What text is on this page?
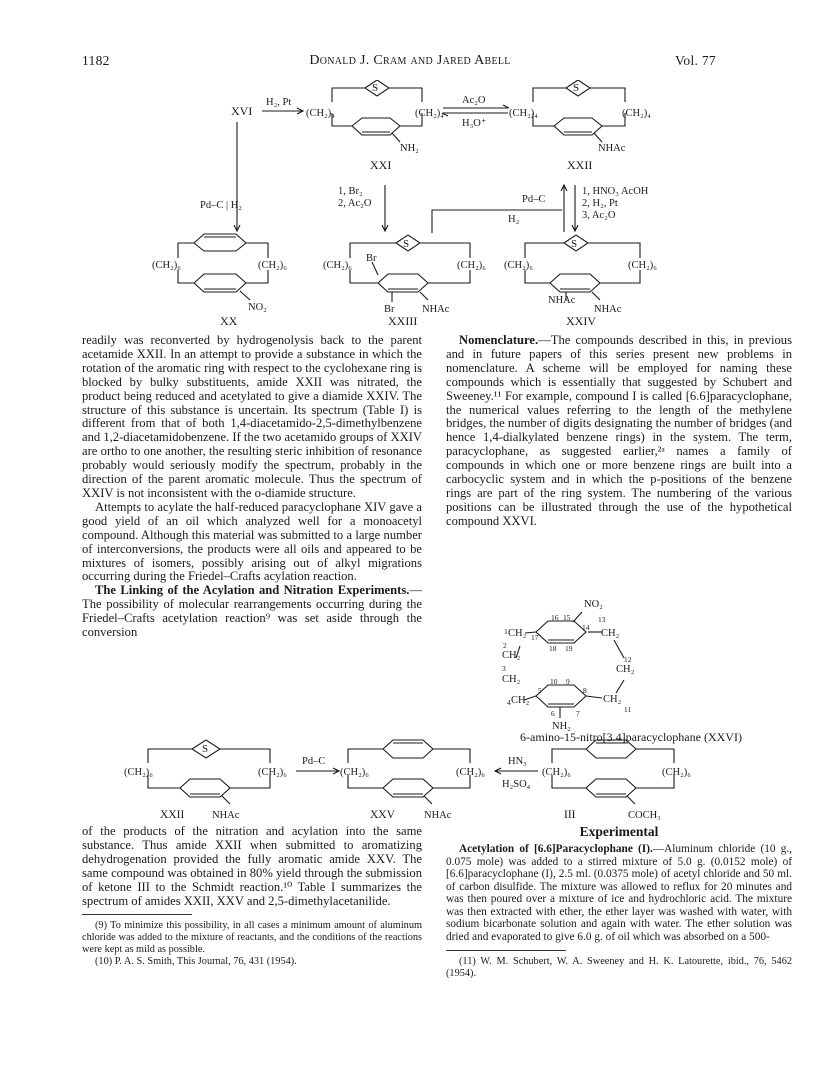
1182	Donald J. Cram and Jared Abell	Vol. 77
XVI
H₂, Pt
S
(CH₂)₄	(CH₂)₄
NH₂
XXI
Ac₂O
H₃O⁺
S
(CH₂)₄	(CH₂)₄
NHAc
XXII
Pd–C | H₂
1, Br₂
2, Ac₂O	Pd–C
H₂
1, HNO₃ AcOH
2, H₂, Pt
3, Ac₂O
(CH₂)₆	(CH₂)₆
NO₂
XX
S
(CH₂)₆	(CH₂)₆
Br
Br	NHAc
XXIII
S
(CH₂)₆	(CH₂)₆
NHAc
NHAc
XXIV

readily was reconverted by hydrogenolysis back to the parent acetamide XXII. In an attempt to provide a substance in which the rotation of the aromatic ring with respect to the cyclohexane ring is blocked by bulky substituents, amide XXII was nitrated, the product being reduced and acetylated to give a diamide XXIV. The structure of this substance is uncertain. Its spectrum (Table I) is different from that of both 1,4-diacetamido-2,5-dimethylbenzene and 1,2-diacetamidobenzene. If the two acetamido groups of XXIV are ortho to one another, the resulting steric inhibition of resonance probably would seriously modify the spectrum, probably in the direction of the parent aromatic molecule. Thus the spectrum of XXIV is not inconsistent with the o-diamide structure.

Attempts to acylate the half-reduced paracyclophane XIV gave a good yield of an oil which analyzed well for a monoacetyl compound. Although this material was submitted to a large number of interconversions, the products were all oils and appeared to be mixtures of isomers, possibly arising out of alkyl migrations occurring during the Friedel–Crafts acylation reaction.

The Linking of the Acylation and Nitration Experiments.—The possibility of molecular rearrangements occurring during the Friedel–Crafts acetylation reaction⁹ was set aside through the conversion

Nomenclature.—The compounds described in this, in previous and in future papers of this series present new problems in nomenclature. A scheme will be employed for naming these compounds which is essentially that suggested by Schubert and Sweeney.¹¹ For example, compound I is called [6.6]paracyclophane, the numerical values referring to the length of the methylene bridges, the number of digits designating the number of bridges (and hence 1,4-dialkylated benzene rings) in the system. The term, paracyclophane, as suggested earlier,²ᵃ names a family of compounds in which one or more benzene rings are built into a carbocyclic system and in which the p-positions of the benzene rings are part of the ring system. The numbering of the various positions can be illustrated through the use of the hypothetical compound XXVI.

NO₂
16 15
14
13
17
18 19
1 CH₂	CH₂
2
CH₂	12
CH₂
3
CH₂	10 9
4 CH₂
5	8
CH₂
11
6	7
NH₂
6-amino-15-nitro[3.4]paracyclophane (XXVI)
S
(CH₂)₆	(CH₂)₆
Pd–C
(CH₂)₆	(CH₂)₆
HN₃
H₂SO₄
(CH₂)₆	(CH₂)₆
XXII	NHAc	XXV	NHAc	III	COCH₃

of the products of the nitration and acylation into the same substance. Thus amide XXII when submitted to aromatizing dehydrogenation provided the fully aromatic amide XXV. The same compound was obtained in 80% yield through the submission of ketone III to the Schmidt reaction.¹⁰ Table I summarizes the spectrum of amides XXII, XXV and 2,5-dimethylacetanilide.

(9) To minimize this possibility, in all cases a minimum amount of aluminum chloride was added to the mixture of reactants, and the conditions of the reactions were kept as mild as possible.

(10) P. A. S. Smith, This Journal, 76, 431 (1954).

Experimental

Acetylation of [6.6]Paracyclophane (I).—Aluminum chloride (10 g., 0.075 mole) was added to a stirred mixture of 5.0 g. (0.0152 mole) of [6.6]paracyclophane (I), 2.5 ml. (0.0375 mole) of acetyl chloride and 50 ml. of carbon disulfide. The mixture was allowed to reflux for 20 minutes and was then poured over a mixture of ice and hydrochloric acid. The mixture was then extracted with ether, the ether layer was washed with water, with sodium bicarbonate solution and again with water. The ether solution was dried and evaporated to give 6.0 g. of oil which was absorbed on a 500-

(11) W. M. Schubert, W. A. Sweeney and H. K. Latourette, ibid., 76, 5462 (1954).
